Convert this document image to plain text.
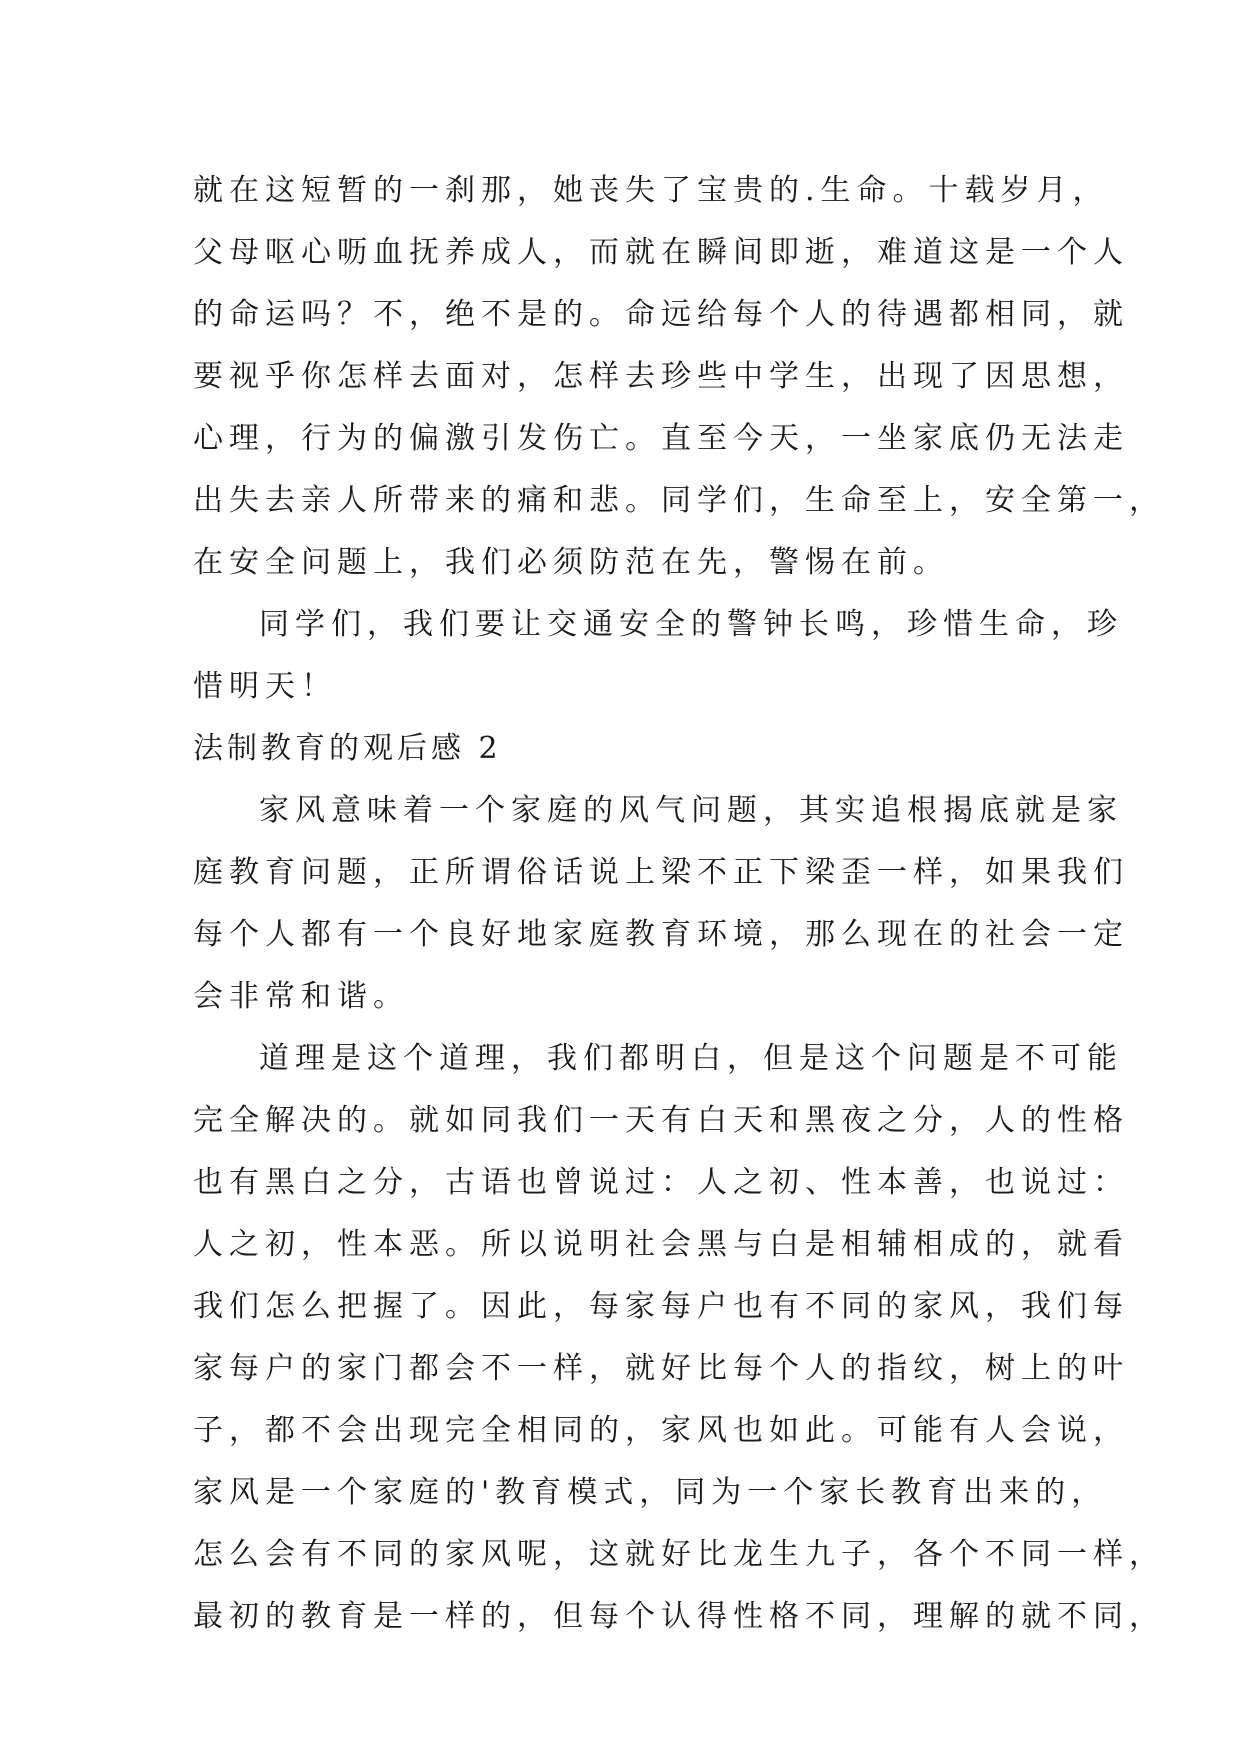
就在这短暂的一刹那，她丧失了宝贵的.生命。十载岁月，
父母呕心呖血抚养成人，而就在瞬间即逝，难道这是一个人
的命运吗？不，绝不是的。命远给每个人的待遇都相同，就
要视乎你怎样去面对，怎样去珍些中学生，出现了因思想，
心理，行为的偏激引发伤亡。直至今天，一坐家底仍无法走
出失去亲人所带来的痛和悲。同学们，生命至上，安全第一，
在安全问题上，我们必须防范在先，警惕在前。
同学们，我们要让交通安全的警钟长鸣，珍惜生命，珍
惜明天！
法制教育的观后感 2
家风意味着一个家庭的风气问题，其实追根揭底就是家
庭教育问题，正所谓俗话说上梁不正下梁歪一样，如果我们
每个人都有一个良好地家庭教育环境，那么现在的社会一定
会非常和谐。
道理是这个道理，我们都明白，但是这个问题是不可能
完全解决的。就如同我们一天有白天和黑夜之分，人的性格
也有黑白之分，古语也曾说过：人之初、性本善，也说过：
人之初，性本恶。所以说明社会黑与白是相辅相成的，就看
我们怎么把握了。因此，每家每户也有不同的家风，我们每
家每户的家门都会不一样，就好比每个人的指纹，树上的叶
子，都不会出现完全相同的，家风也如此。可能有人会说，
家风是一个家庭的'教育模式，同为一个家长教育出来的，
怎么会有不同的家风呢，这就好比龙生九子，各个不同一样，
最初的教育是一样的，但每个认得性格不同，理解的就不同，
